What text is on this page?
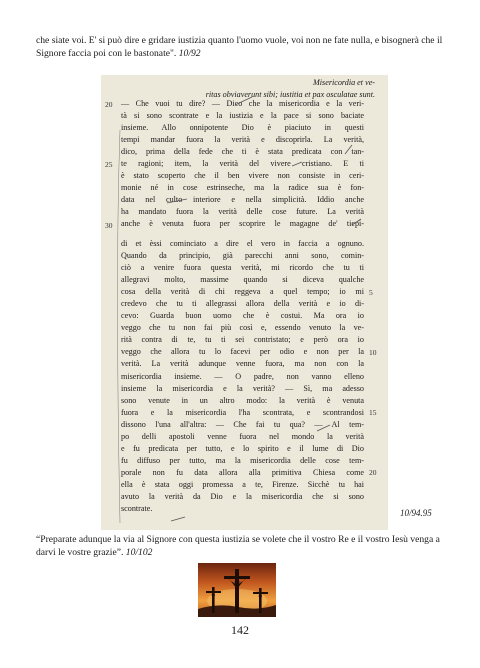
che siate voi. E' si può dire e gridare iustizia quanto l'uomo vuole, voi non ne fate nulla, e bisognerà che il Signore faccia poi con le bastonate". 10/92
Misericordia et ve-
ritas obviaverunt sibi; iustitia et pax osculatae sunt.
— Che vuoi tu dire? — Dico che la misericordia e la veri-
tà si sono scontrate e la iustizia e la pace si sono baciate
insieme. Allo onnipotente Dio è piaciuto in questi
tempi mandar fuora la verità e discoprirla. La verità,
dico, prima della fede che ti è stata predicata con tan-
te ragioni; item, la verità del vivere cristiano. E ti
è stato scoperto che il ben vivere non consiste in ceri-
monie né in cose estrinseche, ma la radice sua è fon-
data nel culto interiore e nella simplicità. Iddio anche
ha mandato fuora la verità delle cose future. La verità
anche è venuta fuora per scoprire le magagne de' tiepi-
di et èssi cominciato a dire el vero in faccia a ognuno.
Quando da principio, già parecchi anni sono, comin-
ciò a venire fuora questa verità, mi ricordo che tu ti
allegravi molto, massime quando si diceva qualche
cosa della verità di chi reggeva a quel tempo; io mi
credevo che tu ti allegrassi allora della verità e io di-
cevo: Guarda buon uomo che è costui. Ma ora io
veggo che tu non fai più così e, essendo venuto la ve-
rità contra di te, tu ti sei contristato; e però ora io
veggo che allora tu lo facevi per odio e non per la
verità. La verità adunque venne fuora, ma non con la
misericordia insieme. — O padre, non vanno elleno
insieme la misericordia e la verità? — Sì, ma adesso
sono venute in un altro modo: la verità è venuta
fuora e la misericordia l'ha scontrata, e scontrandosi
dissono l'una all'altra: — Che fai tu qua? — Al tem-
po delli apostoli venne fuora nel mondo la verità
e fu predicata per tutto, e lo spirito e il lume di Dio
fu diffuso per tutto, ma la misericordia delle cose tem-
porale non fu data allora alla primitiva Chiesa come
ella è stata oggi promessa a te, Firenze. Sicchè tu hai
avuto la verità da Dio e la misericordia che si sono
scontrate.
20
25
30
5
10
15
20
10/94.95
“Preparate adunque la via al Signore con questa iustizia se volete che il vostro Re e il vostro Iesù venga a darvi le vostre grazie”. 10/102
142
